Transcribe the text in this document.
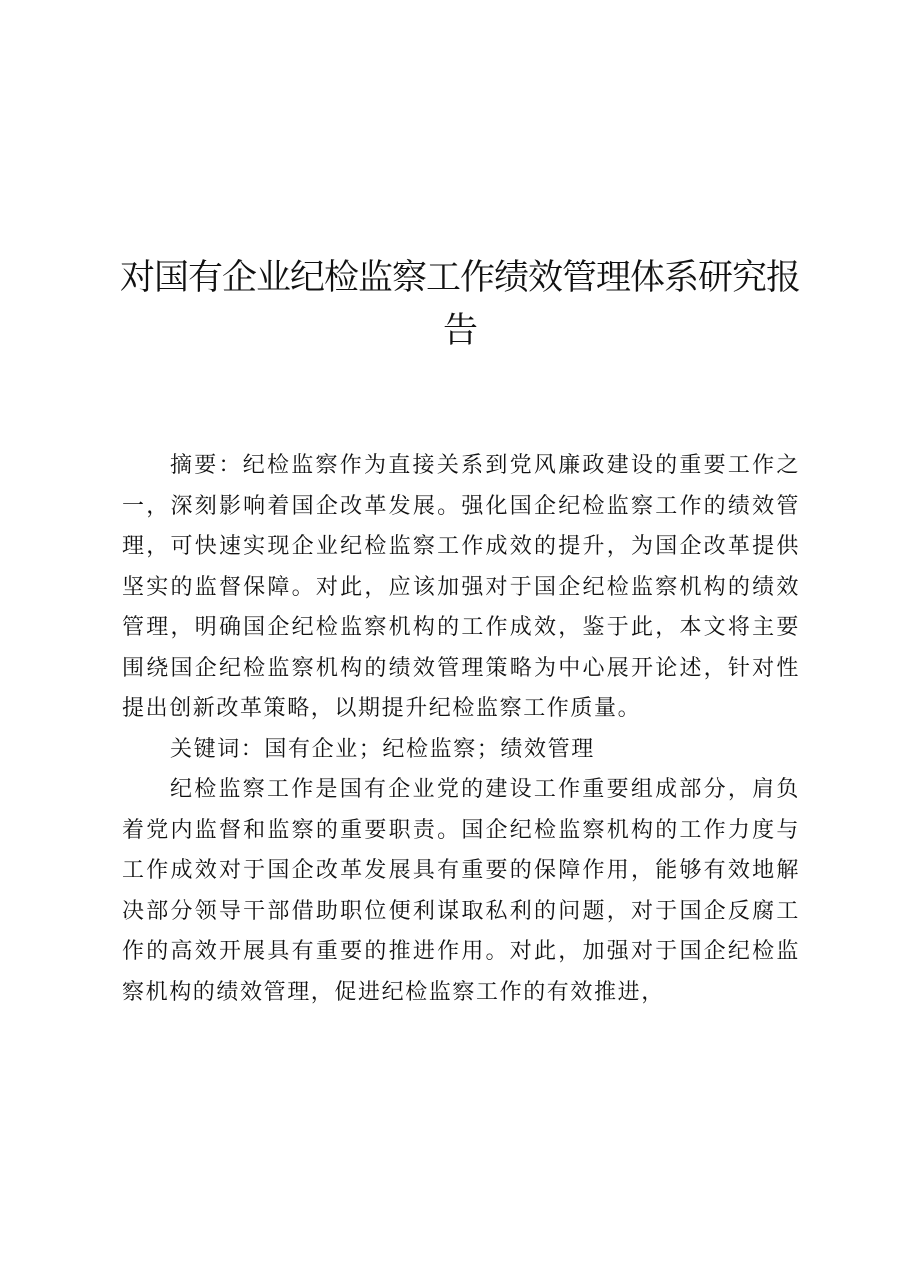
对国有企业纪检监察工作绩效管理体系研究报告

摘要：纪检监察作为直接关系到党风廉政建设的重要工作之一，深刻影响着国企改革发展。强化国企纪检监察工作的绩效管理，可快速实现企业纪检监察工作成效的提升，为国企改革提供坚实的监督保障。对此，应该加强对于国企纪检监察机构的绩效管理，明确国企纪检监察机构的工作成效，鉴于此，本文将主要围绕国企纪检监察机构的绩效管理策略为中心展开论述，针对性提出创新改革策略，以期提升纪检监察工作质量。

关键词：国有企业；纪检监察；绩效管理

纪检监察工作是国有企业党的建设工作重要组成部分，肩负着党内监督和监察的重要职责。国企纪检监察机构的工作力度与工作成效对于国企改革发展具有重要的保障作用，能够有效地解决部分领导干部借助职位便利谋取私利的问题，对于国企反腐工作的高效开展具有重要的推进作用。对此，加强对于国企纪检监察机构的绩效管理，促进纪检监察工作的有效推进，
